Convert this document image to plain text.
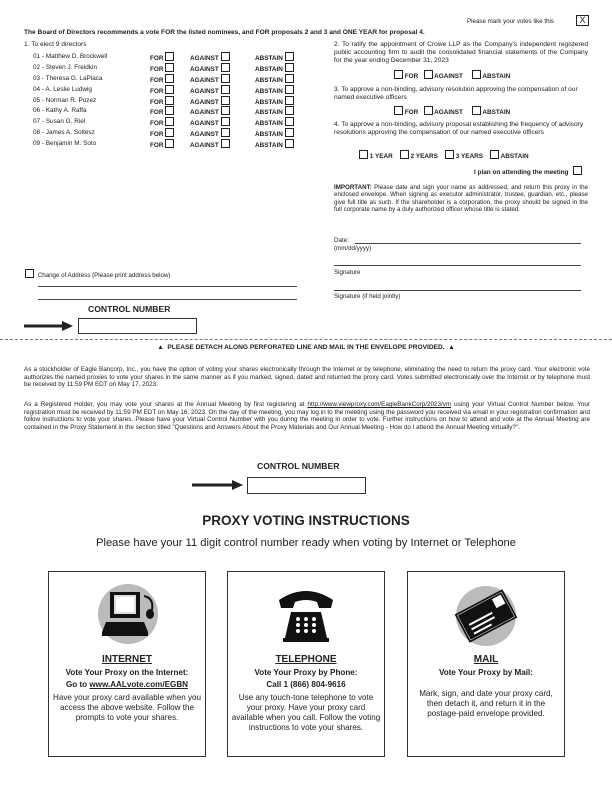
Please mark your votes like this	X
The Board of Directors recommends a vote FOR the listed nominees, and FOR proposals 2 and 3 and ONE YEAR for proposal 4.
1. To elect 9 directors
01 - Matthew D. Brockwell	FOR	AGAINST	ABSTAIN
02 - Steven J. Freidkin	FOR	AGAINST	ABSTAIN
03 - Theresa G. LaPlaca	FOR	AGAINST	ABSTAIN
04 - A. Leslie Ludwig	FOR	AGAINST	ABSTAIN
05 - Norman R. Pozez	FOR	AGAINST	ABSTAIN
06 - Kathy A. Raffa	FOR	AGAINST	ABSTAIN
07 - Susan G. Riel	FOR	AGAINST	ABSTAIN
08 - James A. Soltesz	FOR	AGAINST	ABSTAIN
09 - Benjamin M. Soto	FOR	AGAINST	ABSTAIN
2. To ratify the appointment of Crowe LLP as the Company's independent registered public accounting firm to audit the consolidated financial statements of the Company for the year ending December 31, 2023
FOR AGAINST	ABSTAIN
3. To approve a non-binding, advisory resolution approving the compensation of our named executive officers
FOR AGAINST	ABSTAIN
4. To approve a non-binding, advisory proposal establishing the frequency of advisory resolutions approving the compensation of our named executive officers
1 YEAR	2 YEARS	3 YEARS	ABSTAIN
I plan on attending the meeting
IMPORTANT: Please date and sign your name as addressed, and return this proxy in the enclosed envelope. When signing as executor administrator, trustee, guardian, etc., please give full title as such. If the shareholder is a corporation, the proxy should be signed in the full corporate name by a duly authorized officer whose title is stated.
Date:
(mm/dd/yyyy)
Signature
Signature (if held jointly)
Change of Address (Please print address below)
CONTROL NUMBER
▲ PLEASE DETACH ALONG PERFORATED LINE AND MAIL IN THE ENVELOPE PROVIDED. ▲
As a stockholder of Eagle Bancorp, Inc., you have the option of voting your shares electronically through the Internet or by telephone, eliminating the need to return the proxy card. Your electronic vote authorizes the named proxies to vote your shares in the same manner as if you marked, signed, dated and returned the proxy card. Votes submitted electronically over the Internet or by telephone must be received by 11:59 PM EDT on May 17, 2023.
As a Registered Holder, you may vote your shares at the Annual Meeting by first registering at http://www.viewproxy.com/EagleBankCorp/2023/vm using your Virtual Control Number below. Your registration must be received by 11:59 PM EDT on May 16, 2023. On the day of the meeting, you may log in to the meeting using the password you received via email in your registration confirmation and follow instructions to vote your shares. Please have your Virtual Control Number with you during the meeting in order to vote. Further instructions on how to attend and vote at the Annual Meeting are contained in the Proxy Statement in the section titled "Questions and Answers About the Proxy Materials and Our Annual Meeting - How do I attend the Annual Meeting virtually?".
CONTROL NUMBER
PROXY VOTING INSTRUCTIONS
Please have your 11 digit control number ready when voting by Internet or Telephone
INTERNET
Vote Your Proxy on the Internet:
Go to www.AALvote.com/EGBN
Have your proxy card available when you access the above website. Follow the prompts to vote your shares.
TELEPHONE
Vote Your Proxy by Phone:
Call 1 (866) 804-9616
Use any touch-tone telephone to vote your proxy. Have your proxy card available when you call. Follow the voting instructions to vote your shares.
MAIL
Vote Your Proxy by Mail:
Mark, sign, and date your proxy card, then detach it, and return it in the postage-paid envelope provided.
